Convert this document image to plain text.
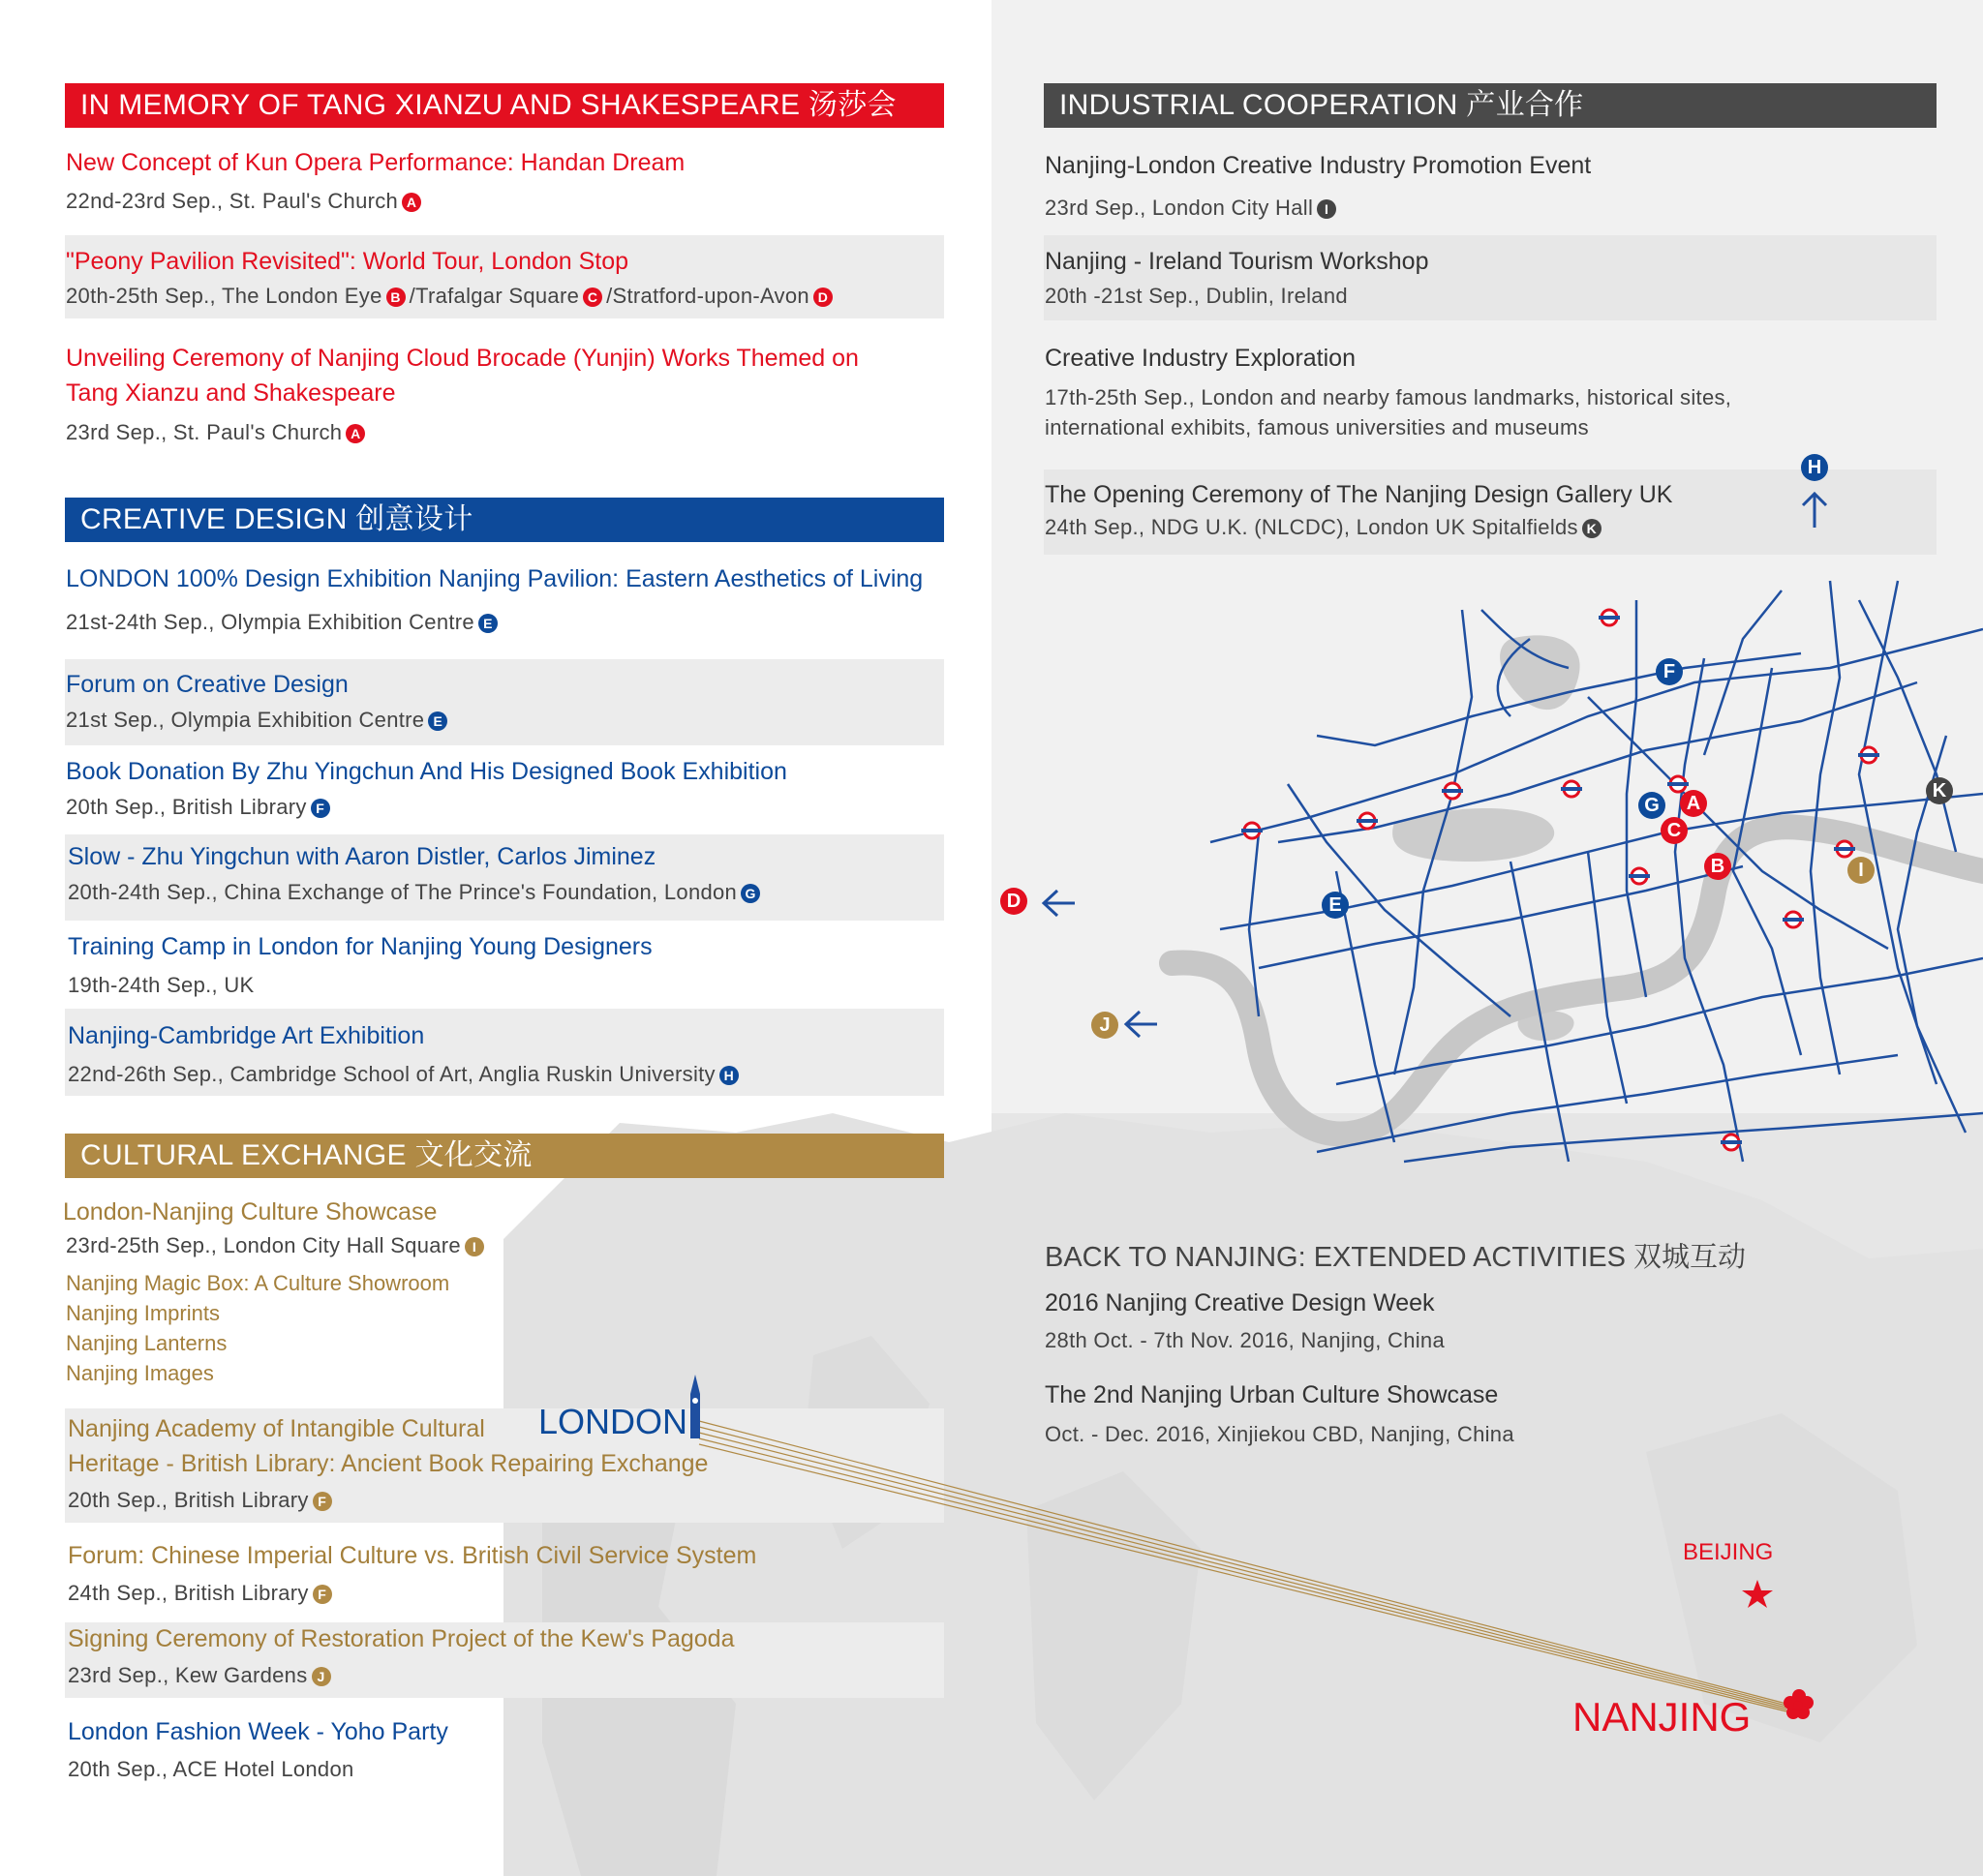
IN MEMORY OF TANG XIANZU AND SHAKESPEARE 汤莎会
New Concept of Kun Opera Performance: Handan Dream
22nd-23rd Sep., St. Paul's Church A
"Peony Pavilion Revisited": World Tour, London Stop
20th-25th Sep., The London Eye B /Trafalgar Square C /Stratford-upon-Avon D
Unveiling Ceremony of Nanjing Cloud Brocade (Yunjin) Works Themed on
Tang Xianzu and Shakespeare
23rd Sep., St. Paul's Church A
CREATIVE DESIGN 创意设计
LONDON 100% Design Exhibition Nanjing Pavilion: Eastern Aesthetics of Living
21st-24th Sep., Olympia Exhibition Centre E
Forum on Creative Design
21st Sep., Olympia Exhibition Centre E
Book Donation By Zhu Yingchun And His Designed Book Exhibition
20th Sep., British Library F
Slow - Zhu Yingchun with Aaron Distler, Carlos Jiminez
20th-24th Sep., China Exchange of The Prince's Foundation, London G
Training Camp in London for Nanjing Young Designers
19th-24th Sep., UK
Nanjing-Cambridge Art Exhibition
22nd-26th Sep., Cambridge School of Art, Anglia Ruskin University H
CULTURAL EXCHANGE 文化交流
London-Nanjing Culture Showcase
23rd-25th Sep., London City Hall Square I
Nanjing Magic Box: A Culture Showroom
Nanjing Imprints
Nanjing Lanterns
Nanjing Images
Nanjing Academy of Intangible Cultural
Heritage - British Library: Ancient Book Repairing Exchange
20th Sep., British Library F
Forum: Chinese Imperial Culture vs. British Civil Service System
24th Sep., British Library F
Signing Ceremony of Restoration Project of the Kew's Pagoda
23rd Sep., Kew Gardens J
London Fashion Week - Yoho Party
20th Sep., ACE Hotel London
INDUSTRIAL COOPERATION 产业合作
Nanjing-London Creative Industry Promotion Event
23rd Sep., London City Hall I
Nanjing - Ireland Tourism Workshop
20th -21st Sep., Dublin, Ireland
Creative Industry Exploration
17th-25th Sep., London and nearby famous landmarks, historical sites,
international exhibits, famous universities and museums
The Opening Ceremony of The Nanjing Design Gallery UK
24th Sep., NDG U.K. (NLCDC), London UK Spitalfields K
F
H
G	A
C
B
K
I
E
D
J
BACK TO NANJING: EXTENDED ACTIVITIES 双城互动
2016 Nanjing Creative Design Week
28th Oct. - 7th Nov. 2016, Nanjing, China
The 2nd Nanjing Urban Culture Showcase
Oct. - Dec. 2016, Xinjiekou CBD, Nanjing, China
LONDON
BEIJING
NANJING
